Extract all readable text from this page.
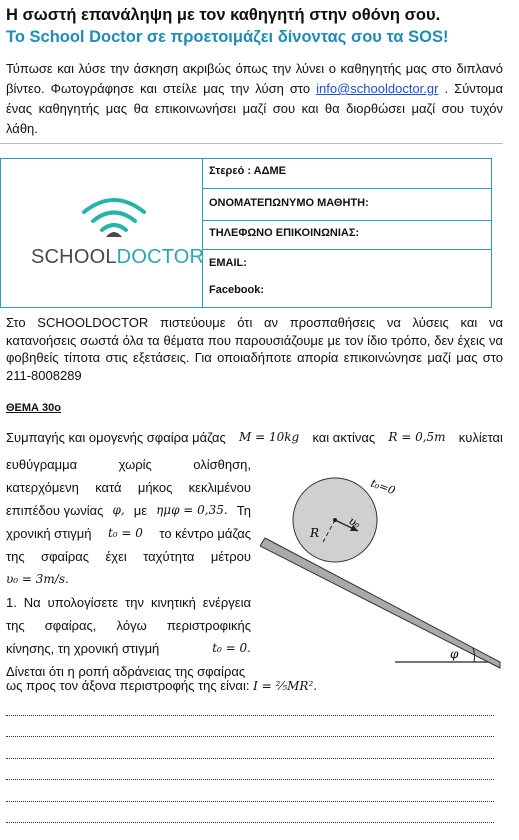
Η σωστή επανάληψη με τον καθηγητή στην οθόνη σου.
Το School Doctor σε προετοιμάζει δίνοντας σου τα SOS!
Τύπωσε και λύσε την άσκηση ακριβώς όπως την λύνει ο καθηγητής μας στο διπλανό βίντεο. Φωτογράφησε και στείλε μας την λύση στο info@schooldoctor.gr . Σύντομα ένας καθηγητής μας θα επικοινωνήσει μαζί σου και θα διορθώσει μαζί σου τυχόν λάθη.
SCHOOLDOCTOR
Στερεό : ΑΔΜΕ
ΟΝΟΜΑΤΕΠΩΝΥΜΟ ΜΑΘΗΤΗ:
ΤΗΛΕΦΩΝΟ ΕΠΙΚΟΙΝΩΝΙΑΣ:
EMAIL:
Facebook:
Στο SCHOOLDOCTOR πιστεύουμε ότι αν προσπαθήσεις να λύσεις και να κατανοήσεις σωστά όλα τα θέματα που παρουσιάζουμε με τον ίδιο τρόπο, δεν έχεις να φοβηθείς τίποτα στις εξετάσεις. Για οποιαδήποτε απορία επικοινώνησε μαζί μας στο 211-8008289
ΘΕΜΑ 30ο
Συμπαγής και ομογενής σφαίρα μάζας M = 10kg και ακτίνας R = 0,5m κυλίεται
ευθύγραμμα	χωρίς	ολίσθηση,
κατερχόμενη κατά μήκος κεκλιμένου
επιπέδου γωνίας φ, με ημφ = 0,35. Τη
χρονική στιγμή t₀ = 0 το κέντρο μάζας
της σφαίρας έχει ταχύτητα μέτρου
υ₀ = 3m/s.
1. Να υπολογίσετε την κινητική ενέργεια
της σφαίρας, λόγω περιστροφικής
κίνησης, τη χρονική στιγμή	t₀ = 0.
Δίνεται ότι η ροπή αδράνειας της σφαίρας
ως προς τον άξονα περιστροφής της είναι: I = ⅖MR².
φ
R
υ₀
t₀=0
